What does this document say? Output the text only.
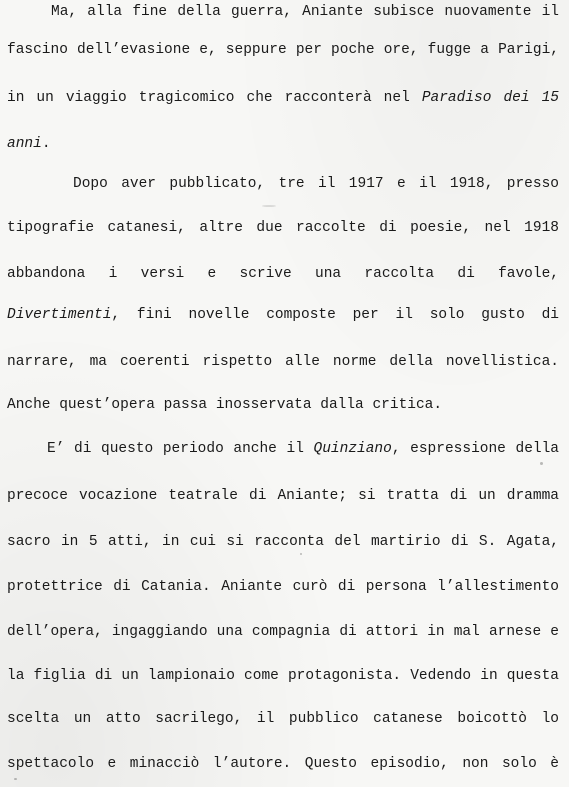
Ma, alla fine della guerra, Aniante subisce nuovamente il
fascino dell’evasione e, seppure per poche ore, fugge a Parigi,
in un viaggio tragicomico che racconterà nel Paradiso dei 15
anni.
Dopo aver pubblicato, tre il 1917 e il 1918, presso
tipografie catanesi, altre due raccolte di poesie, nel 1918
abbandona i versi e scrive una raccolta di favole,
Divertimenti, fini novelle composte per il solo gusto di
narrare, ma coerenti rispetto alle norme della novellistica.
Anche quest’opera passa inosservata dalla critica.
E’ di questo periodo anche il Quinziano, espressione della
precoce vocazione teatrale di Aniante; si tratta di un dramma
sacro in 5 atti, in cui si racconta del martirio di S. Agata,
protettrice di Catania. Aniante curò di persona l’allestimento
dell’opera, ingaggiando una compagnia di attori in mal arnese e
la figlia di un lampionaio come protagonista. Vedendo in questa
scelta un atto sacrilego, il pubblico catanese boicottò lo
spettacolo e minacciò l’autore. Questo episodio, non solo è
